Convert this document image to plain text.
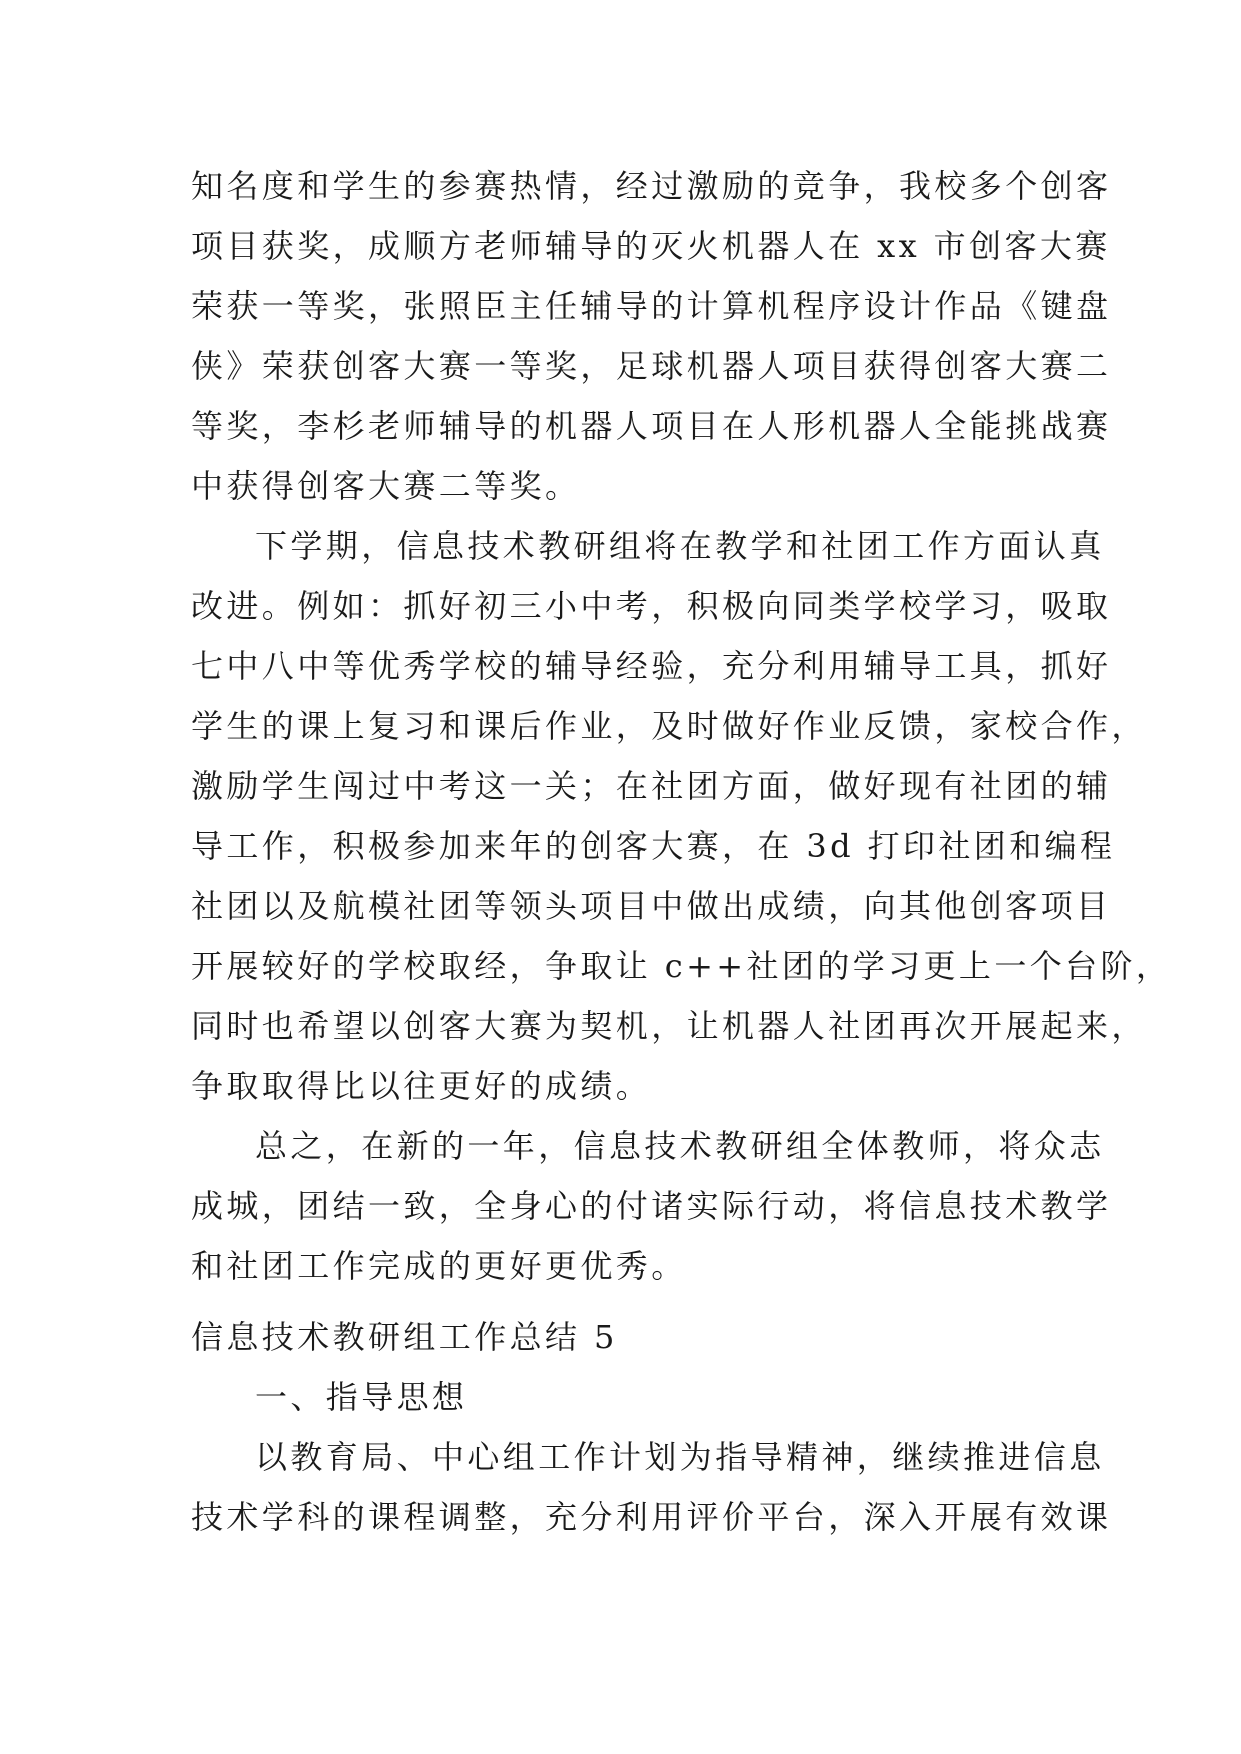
知名度和学生的参赛热情，经过激励的竞争，我校多个创客
项目获奖，成顺方老师辅导的灭火机器人在 xx 市创客大赛
荣获一等奖，张照臣主任辅导的计算机程序设计作品《键盘
侠》荣获创客大赛一等奖，足球机器人项目获得创客大赛二
等奖，李杉老师辅导的机器人项目在人形机器人全能挑战赛
中获得创客大赛二等奖。
下学期，信息技术教研组将在教学和社团工作方面认真
改进。例如：抓好初三小中考，积极向同类学校学习，吸取
七中八中等优秀学校的辅导经验，充分利用辅导工具，抓好
学生的课上复习和课后作业，及时做好作业反馈，家校合作，
激励学生闯过中考这一关；在社团方面，做好现有社团的辅
导工作，积极参加来年的创客大赛，在 3d 打印社团和编程
社团以及航模社团等领头项目中做出成绩，向其他创客项目
开展较好的学校取经，争取让 c++社团的学习更上一个台阶，
同时也希望以创客大赛为契机，让机器人社团再次开展起来，
争取取得比以往更好的成绩。
总之，在新的一年，信息技术教研组全体教师，将众志
成城，团结一致，全身心的付诸实际行动，将信息技术教学
和社团工作完成的更好更优秀。
信息技术教研组工作总结 5
一、指导思想
以教育局、中心组工作计划为指导精神，继续推进信息
技术学科的课程调整，充分利用评价平台，深入开展有效课
